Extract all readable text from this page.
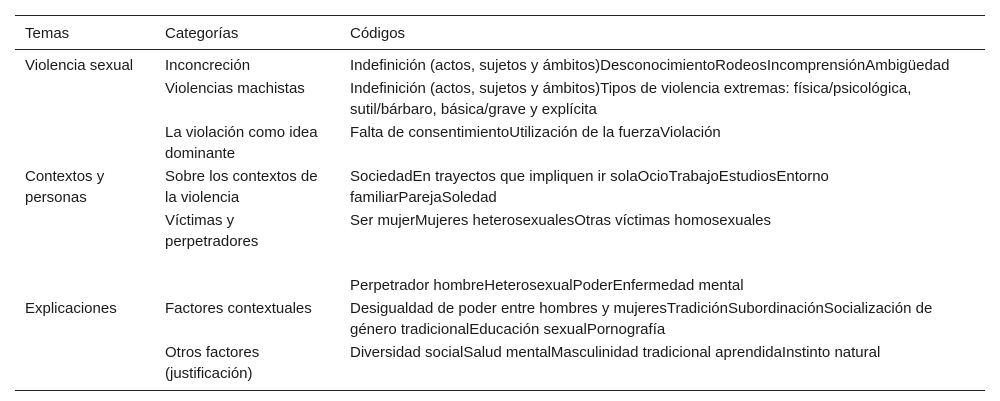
Temas	Categorías	Códigos
Violencia sexual	Inconcreción	Indefinición (actos, sujetos y ámbitos)DesconocimientoRodeosIncomprensiónAmbigüedad
	Violencias machistas	Indefinición (actos, sujetos y ámbitos)Tipos de violencia extremas: física/psicológica, sutil/bárbaro, básica/grave y explícita
	La violación como idea dominante	Falta de consentimientoUtilización de la fuerzaViolación
Contextos y personas	Sobre los contextos de la violencia	SociedadEn trayectos que impliquen ir solaOcioTrabajoEstudiosEntorno familiarParejaSoledad
	Víctimas y perpetradores	Ser mujerMujeres heterosexualesOtras víctimas homosexuales
		Perpetrador hombreHeterosexualPoderEnfermedad mental
Explicaciones	Factores contextuales	Desigualdad de poder entre hombres y mujeresTradiciónSubordinaciónSocialización de género tradicionalEducación sexualPornografía
	Otros factores (justificación)	Diversidad socialSalud mentalMasculinidad tradicional aprendidaInstinto natural
